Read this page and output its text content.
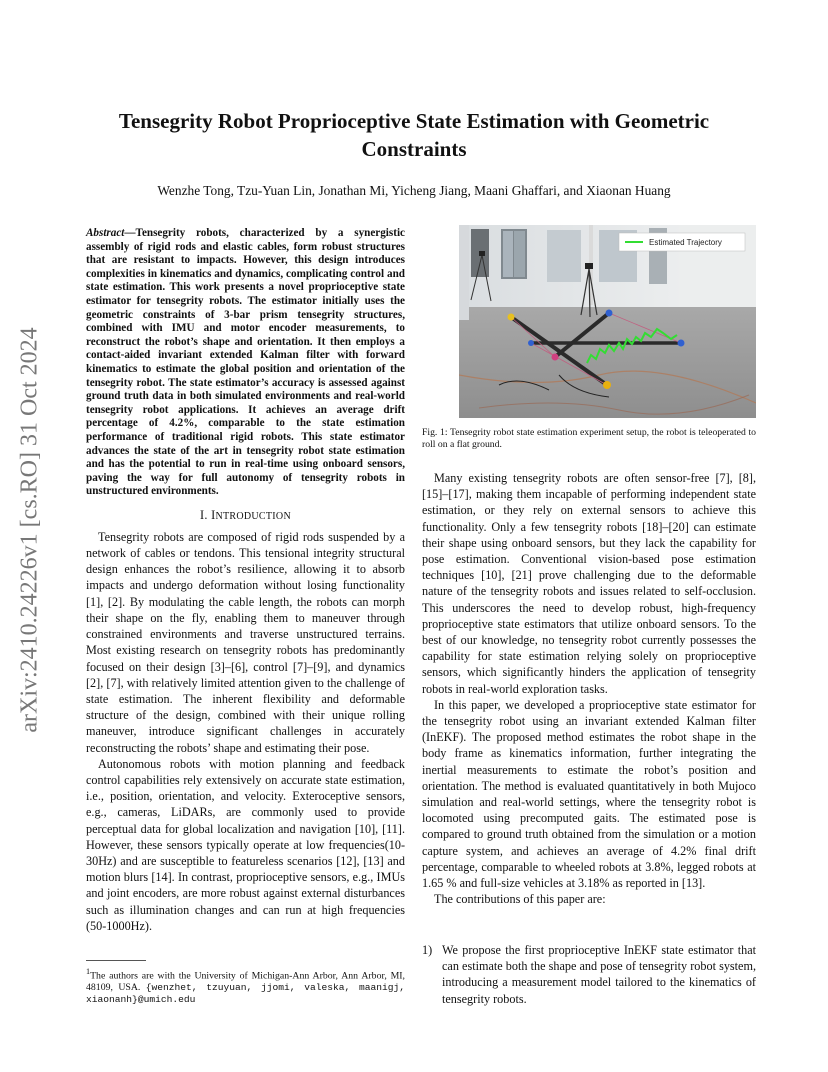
Tensegrity Robot Proprioceptive State Estimation with Geometric Constraints
Wenzhe Tong, Tzu-Yuan Lin, Jonathan Mi, Yicheng Jiang, Maani Ghaffari, and Xiaonan Huang
arXiv:2410.24226v1 [cs.RO] 31 Oct 2024

Abstract—Tensegrity robots, characterized by a synergistic assembly of rigid rods and elastic cables, form robust structures that are resistant to impacts. However, this design introduces complexities in kinematics and dynamics, complicating control and state estimation. This work presents a novel proprioceptive state estimator for tensegrity robots. The estimator initially uses the geometric constraints of 3-bar prism tensegrity structures, combined with IMU and motor encoder measurements, to reconstruct the robot’s shape and orientation. It then employs a contact-aided invariant extended Kalman filter with forward kinematics to estimate the global position and orientation of the tensegrity robot. The state estimator’s accuracy is assessed against ground truth data in both simulated environments and real-world tensegrity robot applications. It achieves an average drift percentage of 4.2%, comparable to the state estimation performance of traditional rigid robots. This state estimator advances the state of the art in tensegrity robot state estimation and has the potential to run in real-time using onboard sensors, paving the way for full autonomy of tensegrity robots in unstructured environments.

I. INTRODUCTION

Tensegrity robots are composed of rigid rods suspended by a network of cables or tendons. This tensional integrity structural design enhances the robot’s resilience, allowing it to absorb impacts and undergo deformation without losing functionality [1], [2]. By modulating the cable length, the robots can morph their shape on the fly, enabling them to maneuver through constrained environments and traverse unstructured terrains. Most existing research on tensegrity robots has predominantly focused on their design [3]–[6], control [7]–[9], and dynamics [2], [7], with relatively limited attention given to the challenge of state estimation. The inherent flexibility and deformable structure of the design, combined with their unique rolling maneuver, introduce significant challenges in accurately reconstructing the robots’ shape and estimating their pose.

Autonomous robots with motion planning and feedback control capabilities rely extensively on accurate state estimation, i.e., position, orientation, and velocity. Exteroceptive sensors, e.g., cameras, LiDARs, are commonly used to provide perceptual data for global localization and navigation [10], [11]. However, these sensors typically operate at low frequencies(10-30Hz) and are susceptible to featureless scenarios [12], [13] and motion blurs [14]. In contrast, proprioceptive sensors, e.g., IMUs and joint encoders, are more robust against external disturbances such as illumination changes and can run at high frequencies (50-1000Hz).

$^1$The authors are with the University of Michigan-Ann Arbor, Ann Arbor, MI, 48109, USA. {wenzhet, tzuyuan, jjomi, valeska, maanigj, xiaonanh}@umich.edu
Estimated Trajectory
Fig. 1: Tensegrity robot state estimation experiment setup, the robot is teleoperated to roll on a flat ground.

Many existing tensegrity robots are often sensor-free [7], [8], [15]–[17], making them incapable of performing independent state estimation, or they rely on external sensors to achieve this functionality. Only a few tensegrity robots [18]–[20] can estimate their shape using onboard sensors, but they lack the capability for pose estimation. Conventional vision-based pose estimation techniques [10], [21] prove challenging due to the deformable nature of the tensegrity robots and issues related to self-occlusion. This underscores the need to develop robust, high-frequency proprioceptive state estimators that utilize onboard sensors. To the best of our knowledge, no tensegrity robot currently possesses the capability for state estimation relying solely on proprioceptive sensors, which significantly hinders the application of tensegrity robots in real-world exploration tasks.

In this paper, we developed a proprioceptive state estimator for the tensegrity robot using an invariant extended Kalman filter (InEKF). The proposed method estimates the robot shape in the body frame as kinematics information, further integrating the inertial measurements to estimate the robot’s position and orientation. The method is evaluated quantitatively in both Mujoco simulation and real-world settings, where the tensegrity robot is locomoted using precomputed gaits. The estimated pose is compared to ground truth obtained from the simulation or a motion capture system, and achieves an average of 4.2% final drift percentage, comparable to wheeled robots at 3.8%, legged robots at 1.65 % and full-size vehicles at 3.18% as reported in [13].

The contributions of this paper are:

1) We propose the first proprioceptive InEKF state estimator that can estimate both the shape and pose of tensegrity robot system, introducing a measurement model tailored to the kinematics of tensegrity robots.
